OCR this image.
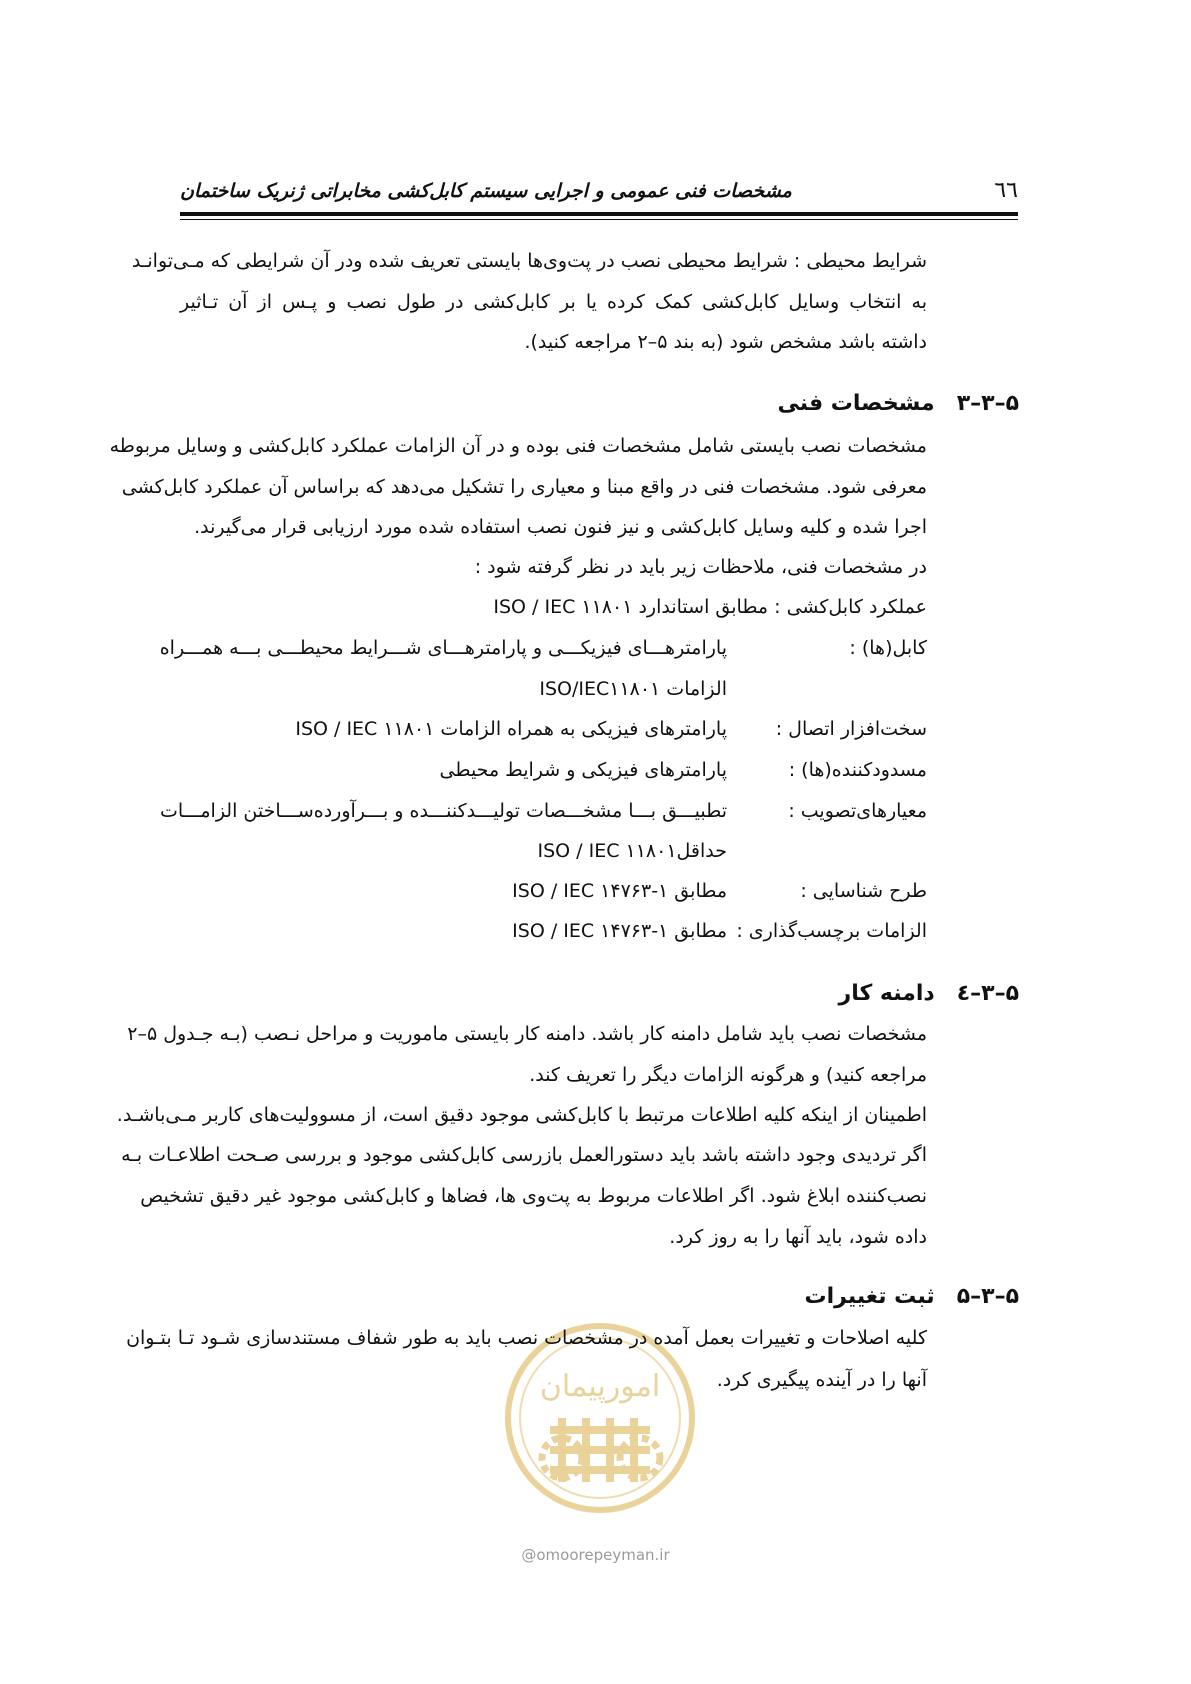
٦٦
مشخصات فنی عمومی و اجرایی سیستم کابل‌کشی مخابراتی ژنریک ساختمان
شرایط محیطی : شرایط محیطی نصب در پت‌وی‌ها بایستی تعریف شده ودر آن شرایطی که مـی‌توانـد
به انتخاب وسایل کابل‌کشی کمک کرده یا بر کابل‌کشی در طول نصب و پـس از آن تـاثیر
داشته باشد مشخص شود (به بند ۵–۲ مراجعه کنید).
۵–۳–۳مشخصات فنی
مشخصات نصب بایستی شامل مشخصات فنی بوده و در آن الزامات عملکرد کابل‌کشی و وسایل مربوطه
معرفی شود. مشخصات فنی در واقع مبنا و معیاری را تشکیل می‌دهد که براساس آن عملکرد کابل‌کشی
اجرا شده و کلیه وسایل کابل‌کشی و نیز فنون نصب استفاده شده مورد ارزیابی قرار می‌گیرند.
در مشخصات فنی، ملاحظات زیر باید در نظر گرفته شود :
عملکرد کابل‌کشی : مطابق استاندارد ISO / IEC ۱۱۸۰۱
کابل(ها) :
پارامترهـــای فیزیکـــی و پارامترهـــای شـــرایط محیطـــی بـــه همـــراه
الزامات ISO/IEC۱۱۸۰۱
سخت‌افزار اتصال :
پارامترهای فیزیکی به همراه الزامات ISO / IEC ۱۱۸۰۱
مسدودکننده(ها) :
پارامترهای فیزیکی و شرایط محیطی
معیارهای‌تصویب :
تطبیـــق بـــا مشخـــصات تولیـــدکننـــده و بـــرآورده‌ســـاختن الزامـــات
حداقلISO / IEC ۱۱۸۰۱
طرح شناسایی :
مطابق ISO / IEC ۱۴۷۶۳-۱
الزامات برچسب‌گذاری :
مطابق ISO / IEC ۱۴۷۶۳-۱
۵–۳–٤دامنه کار
مشخصات نصب باید شامل دامنه کار باشد. دامنه کار بایستی ماموریت و مراحل نـصب (بـه جـدول ۵–۲
مراجعه کنید) و هرگونه الزامات دیگر را تعریف کند.
اطمینان از اینکه کلیه اطلاعات مرتبط با کابل‌کشی موجود دقیق است، از مسوولیت‌های کاربر مـی‌باشـد.
اگر تردیدی وجود داشته باشد باید دستورالعمل بازرسی کابل‌کشی موجود و بررسی صـحت اطلاعـات بـه
نصب‌کننده ابلاغ شود. اگر اطلاعات مربوط به پت‌وی ها، فضاها و کابل‌کشی موجود غیر دقیق تشخیص
داده شود، باید آنها را به روز کرد.
امورپیمان
۵–۳–۵ثبت تغییرات
کلیه اصلاحات و تغییرات بعمل آمده در مشخصات نصب باید به طور شفاف مستندسازی شـود تـا بتـوان
آنها را در آینده پیگیری کرد.
@omoorepeyman.ir
